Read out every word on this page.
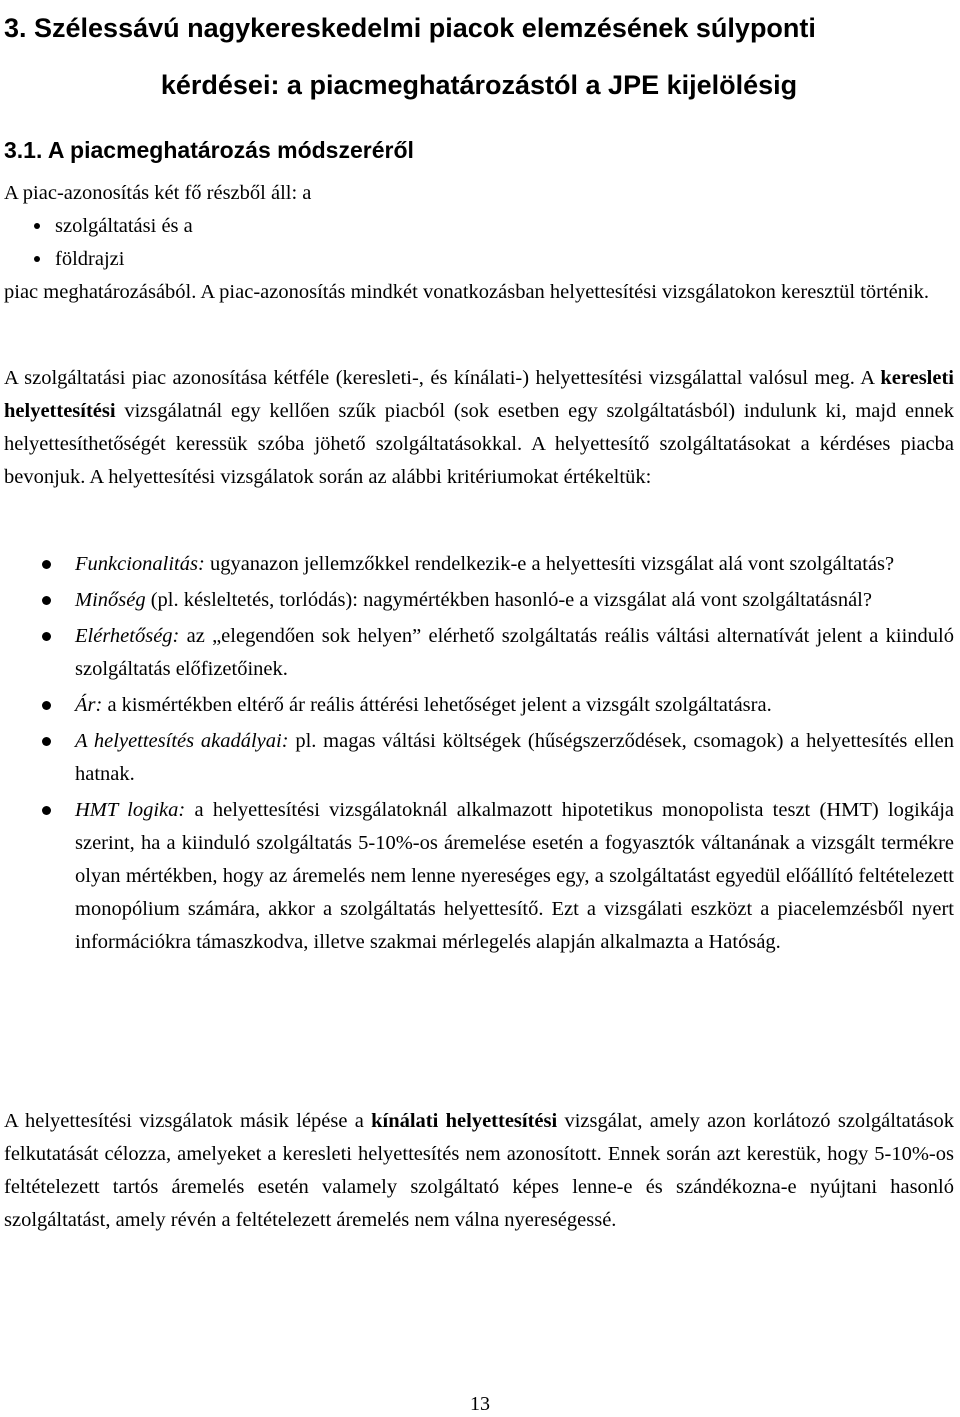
3. Szélessávú nagykereskedelmi piacok elemzésének súlyponti
kérdései: a piacmeghatározástól a JPE kijelölésig
3.1. A piacmeghatározás módszeréről
A piac-azonosítás két fő részből áll: a
szolgáltatási és a
földrajzi
piac meghatározásából. A piac-azonosítás mindkét vonatkozásban helyettesítési vizsgálatokon keresztül történik.
A szolgáltatási piac azonosítása kétféle (keresleti-, és kínálati-) helyettesítési vizsgálattal valósul meg. A keresleti helyettesítési vizsgálatnál egy kellően szűk piacból (sok esetben egy szolgáltatásból) indulunk ki, majd ennek helyettesíthetőségét keressük szóba jöhető szolgáltatásokkal. A helyettesítő szolgáltatásokat a kérdéses piacba bevonjuk. A helyettesítési vizsgálatok során az alábbi kritériumokat értékeltük:
Funkcionalitás: ugyanazon jellemzőkkel rendelkezik-e a helyettesíti vizsgálat alá vont szolgáltatás?
Minőség (pl. késleltetés, torlódás): nagymértékben hasonló-e a vizsgálat alá vont szolgáltatásnál?
Elérhetőség: az „elegendően sok helyen” elérhető szolgáltatás reális váltási alternatívát jelent a kiinduló szolgáltatás előfizetőinek.
Ár: a kismértékben eltérő ár reális áttérési lehetőséget jelent a vizsgált szolgáltatásra.
A helyettesítés akadályai: pl. magas váltási költségek (hűségszerződések, csomagok) a helyettesítés ellen hatnak.
HMT logika: a helyettesítési vizsgálatoknál alkalmazott hipotetikus monopolista teszt (HMT) logikája szerint, ha a kiinduló szolgáltatás 5-10%-os áremelése esetén a fogyasztók váltanának a vizsgált termékre olyan mértékben, hogy az áremelés nem lenne nyereséges egy, a szolgáltatást egyedül előállító feltételezett monopólium számára, akkor a szolgáltatás helyettesítő. Ezt a vizsgálati eszközt a piacelemzésből nyert információkra támaszkodva, illetve szakmai mérlegelés alapján alkalmazta a Hatóság.
A helyettesítési vizsgálatok másik lépése a kínálati helyettesítési vizsgálat, amely azon korlátozó szolgáltatások felkutatását célozza, amelyeket a keresleti helyettesítés nem azonosított. Ennek során azt kerestük, hogy 5-10%-os feltételezett tartós áremelés esetén valamely szolgáltató képes lenne-e és szándékozna-e nyújtani hasonló szolgáltatást, amely révén a feltételezett áremelés nem válna nyereségessé.
13
